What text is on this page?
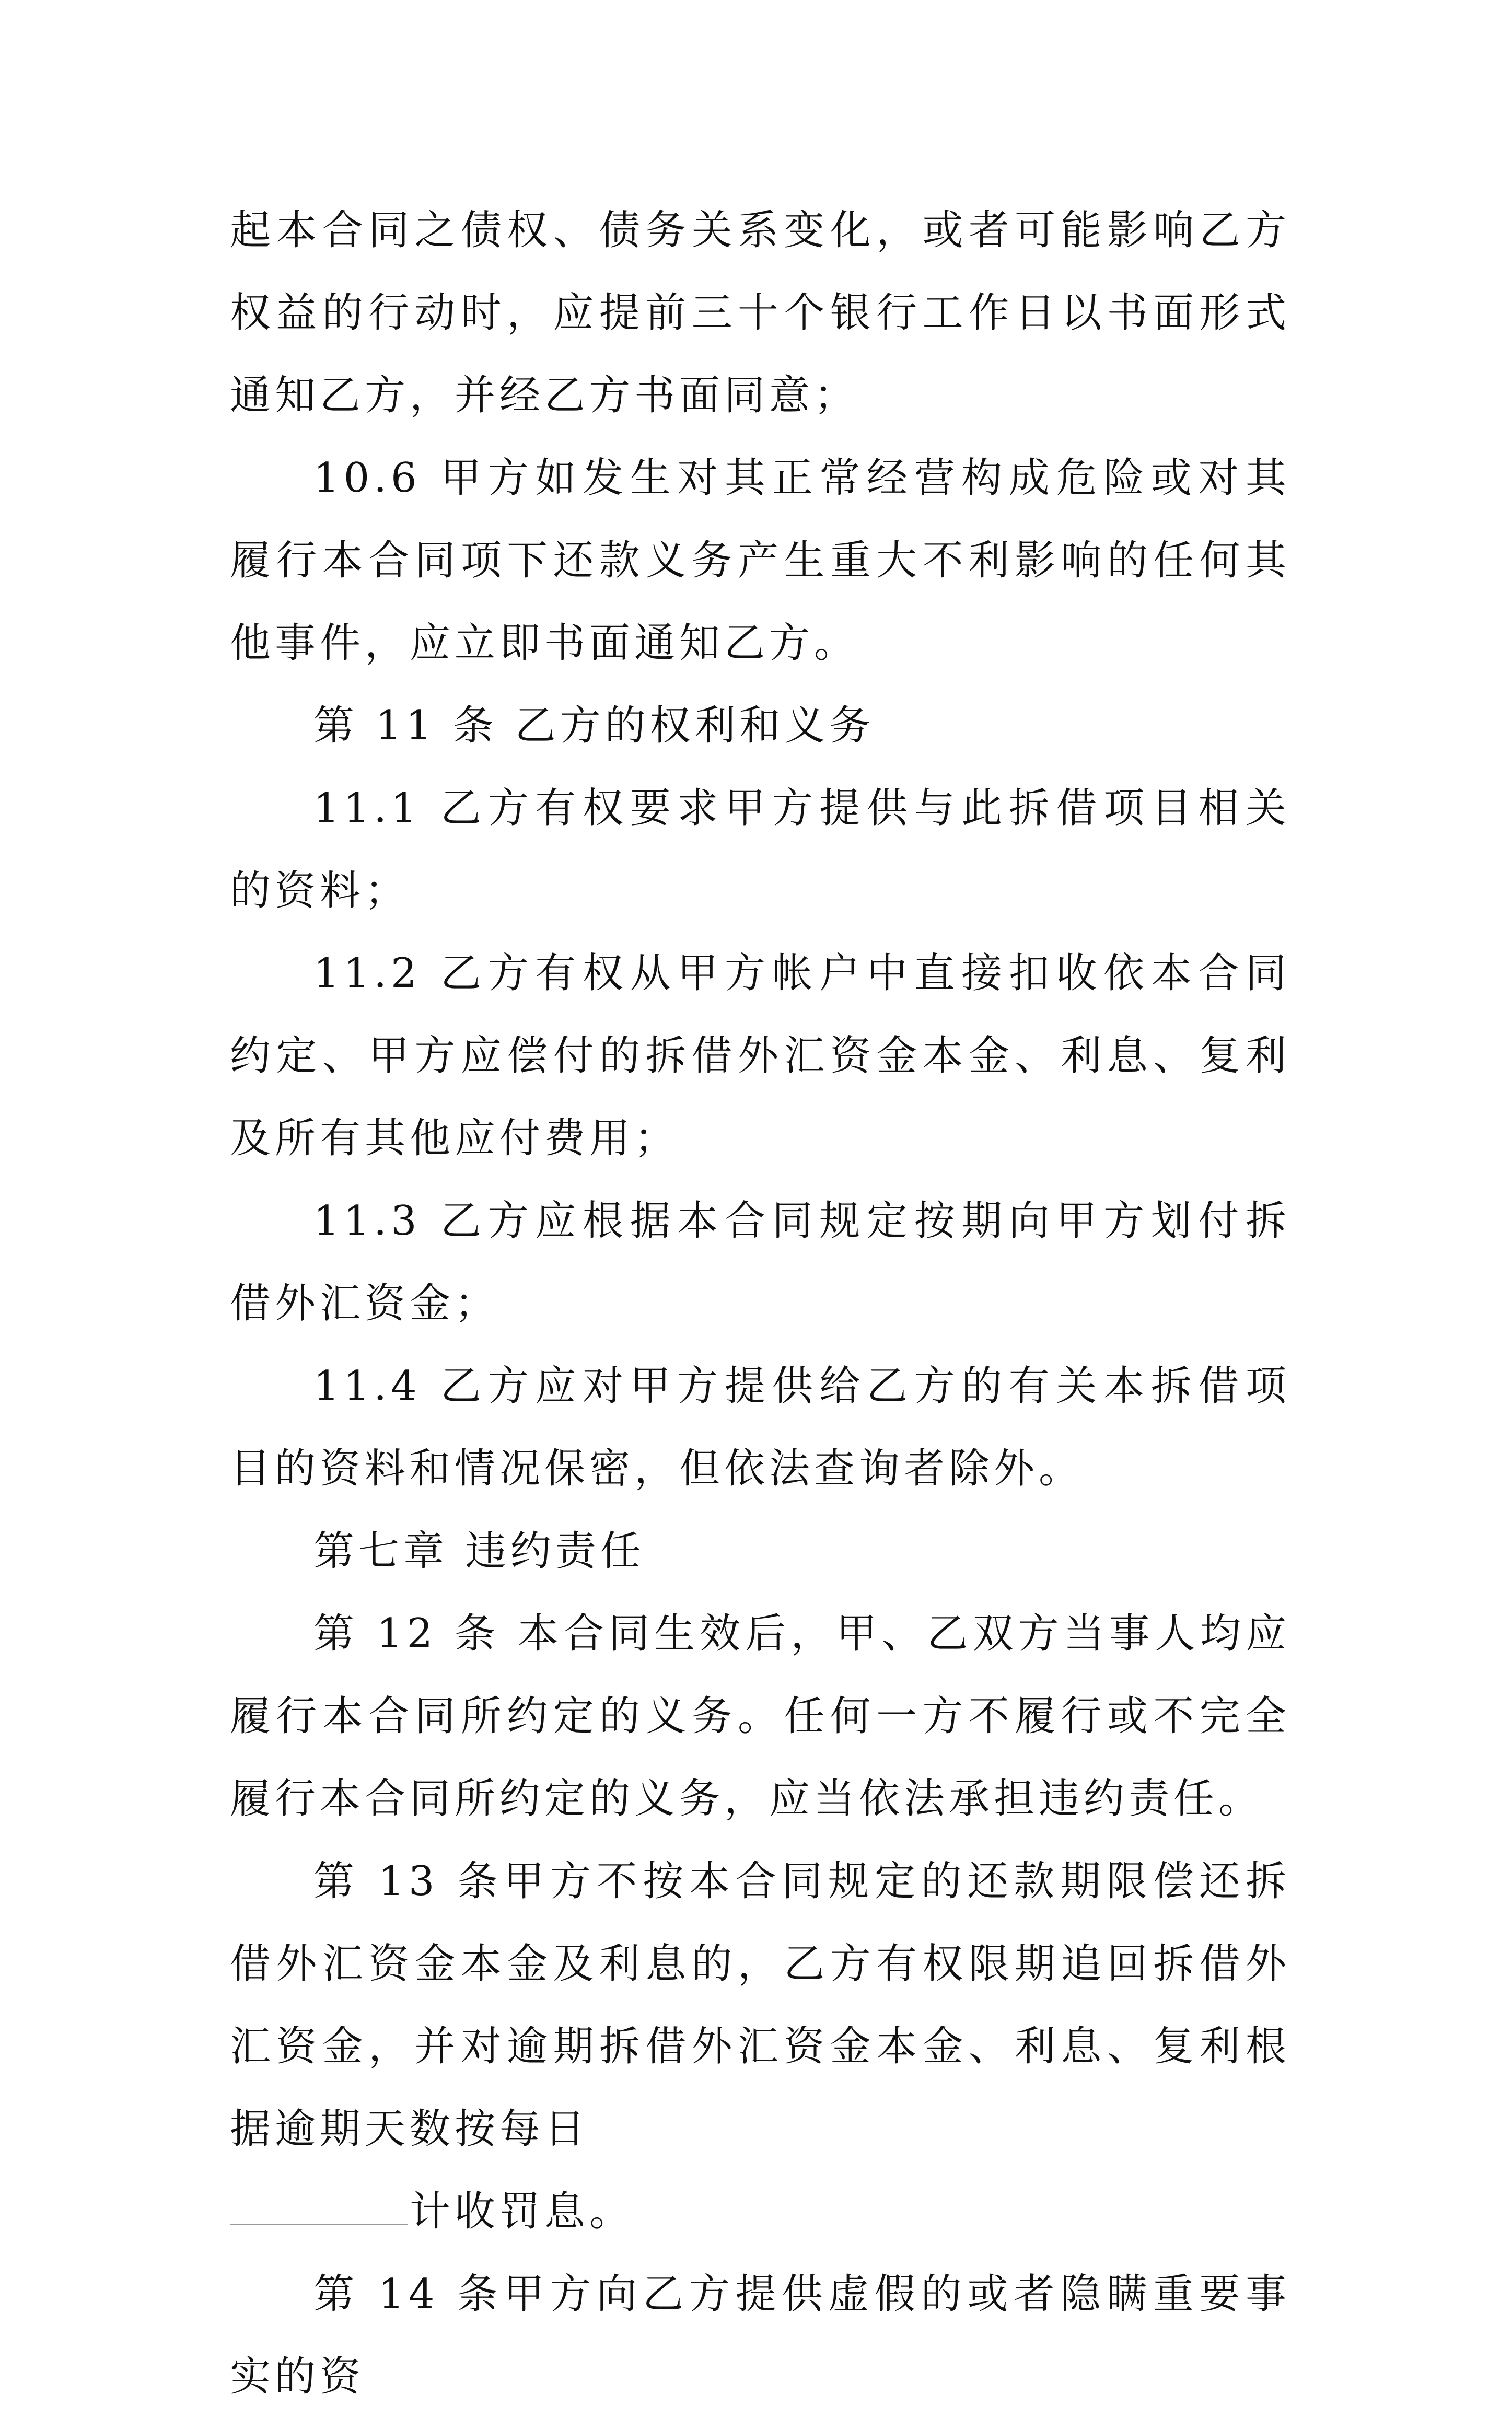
起本合同之债权、债务关系变化，或者可能影响乙方权益的行动时，应提前三十个银行工作日以书面形式通知乙方，并经乙方书面同意；

10.6 甲方如发生对其正常经营构成危险或对其履行本合同项下还款义务产生重大不利影响的任何其他事件，应立即书面通知乙方。

第 11 条 乙方的权利和义务

11.1 乙方有权要求甲方提供与此拆借项目相关的资料；

11.2 乙方有权从甲方帐户中直接扣收依本合同约定、甲方应偿付的拆借外汇资金本金、利息、复利及所有其他应付费用；

11.3 乙方应根据本合同规定按期向甲方划付拆借外汇资金；

11.4 乙方应对甲方提供给乙方的有关本拆借项目的资料和情况保密，但依法查询者除外。

第七章 违约责任

第 12 条 本合同生效后，甲、乙双方当事人均应履行本合同所约定的义务。任何一方不履行或不完全履行本合同所约定的义务，应当依法承担违约责任。

第 13 条甲方不按本合同规定的还款期限偿还拆借外汇资金本金及利息的，乙方有权限期追回拆借外汇资金，并对逾期拆借外汇资金本金、利息、复利根据逾期天数按每日

计收罚息。

第 14 条甲方向乙方提供虚假的或者隐瞒重要事实的资
